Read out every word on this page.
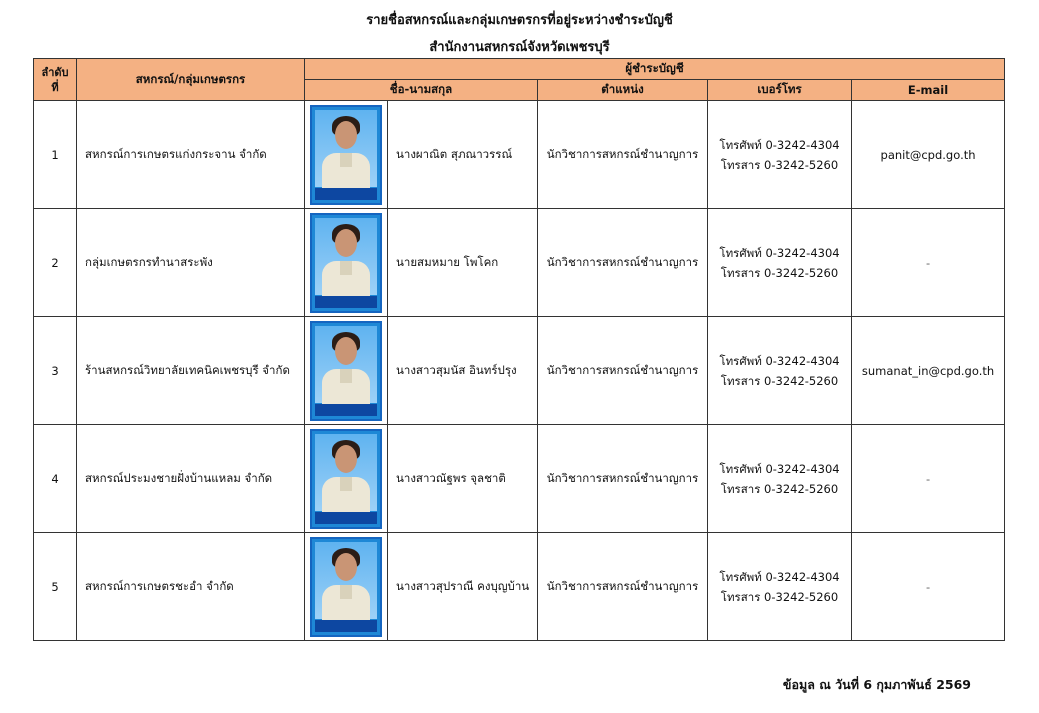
รายชื่อสหกรณ์และกลุ่มเกษตรกรที่อยู่ระหว่างชำระบัญชี
สำนักงานสหกรณ์จังหวัดเพชรบุรี
ลำดับ
ที่	สหกรณ์/กลุ่มเกษตรกร	ผู้ชำระบัญชี				
		ชื่อ-นามสกุล		ตำแหน่ง	เบอร์โทร	E-mail
1	สหกรณ์การเกษตรแก่งกระจาน จำกัด		นางผาณิต สุภณาวรรณ์	นักวิชาการสหกรณ์ชำนาญการ	โทรศัพท์ 0-3242-4304
โทรสาร 0-3242-5260	panit@cpd.go.th
2	กลุ่มเกษตรกรทำนาสระพัง		นายสมหมาย โพโคก	นักวิชาการสหกรณ์ชำนาญการ	โทรศัพท์ 0-3242-4304
โทรสาร 0-3242-5260	-
3	ร้านสหกรณ์วิทยาลัยเทคนิคเพชรบุรี จำกัด		นางสาวสุมนัส อินทร์ปรุง	นักวิชาการสหกรณ์ชำนาญการ	โทรศัพท์ 0-3242-4304
โทรสาร 0-3242-5260	sumanat_in@cpd.go.th
4	สหกรณ์ประมงชายฝั่งบ้านแหลม จำกัด		นางสาวณัฐพร จุลชาติ	นักวิชาการสหกรณ์ชำนาญการ	โทรศัพท์ 0-3242-4304
โทรสาร 0-3242-5260	-
5	สหกรณ์การเกษตรชะอำ จำกัด		นางสาวสุปราณี คงบุญบ้าน	นักวิชาการสหกรณ์ชำนาญการ	โทรศัพท์ 0-3242-4304
โทรสาร 0-3242-5260	-
ข้อมูล ณ วันที่ 6 กุมภาพันธ์ 2569
